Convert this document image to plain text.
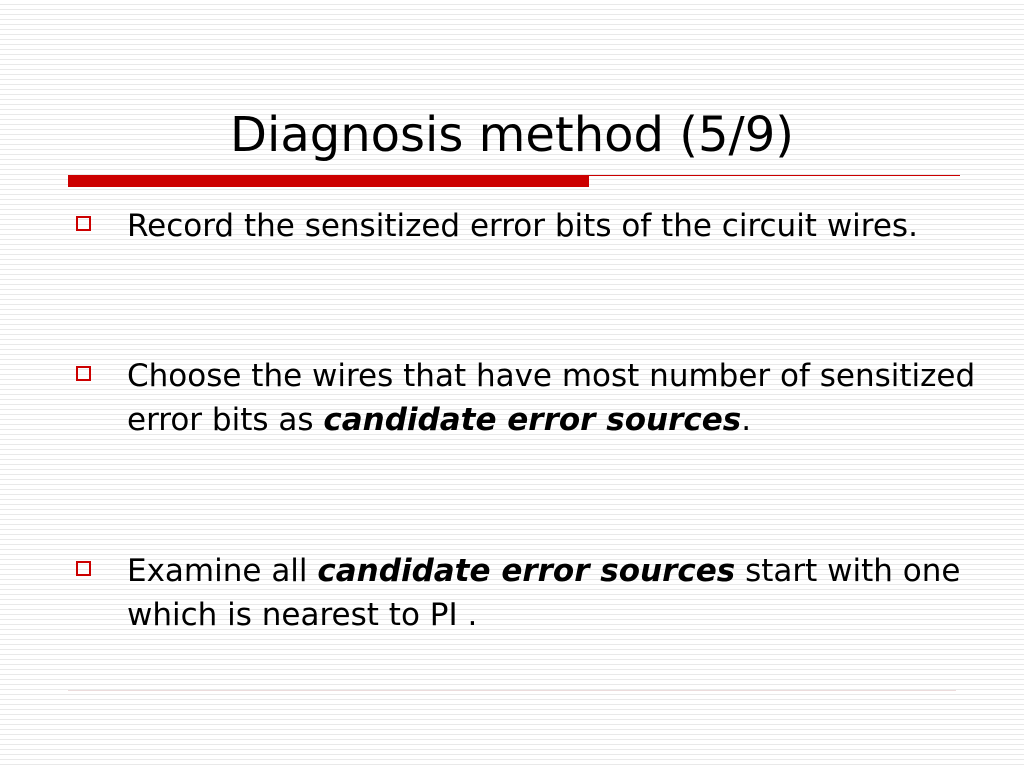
Diagnosis method (5/9)
Record the sensitized error bits of the circuit wires.
Choose the wires that have most number of sensitized error bits as candidate error sources.
Examine all candidate error sources start with one which is nearest to PI .
